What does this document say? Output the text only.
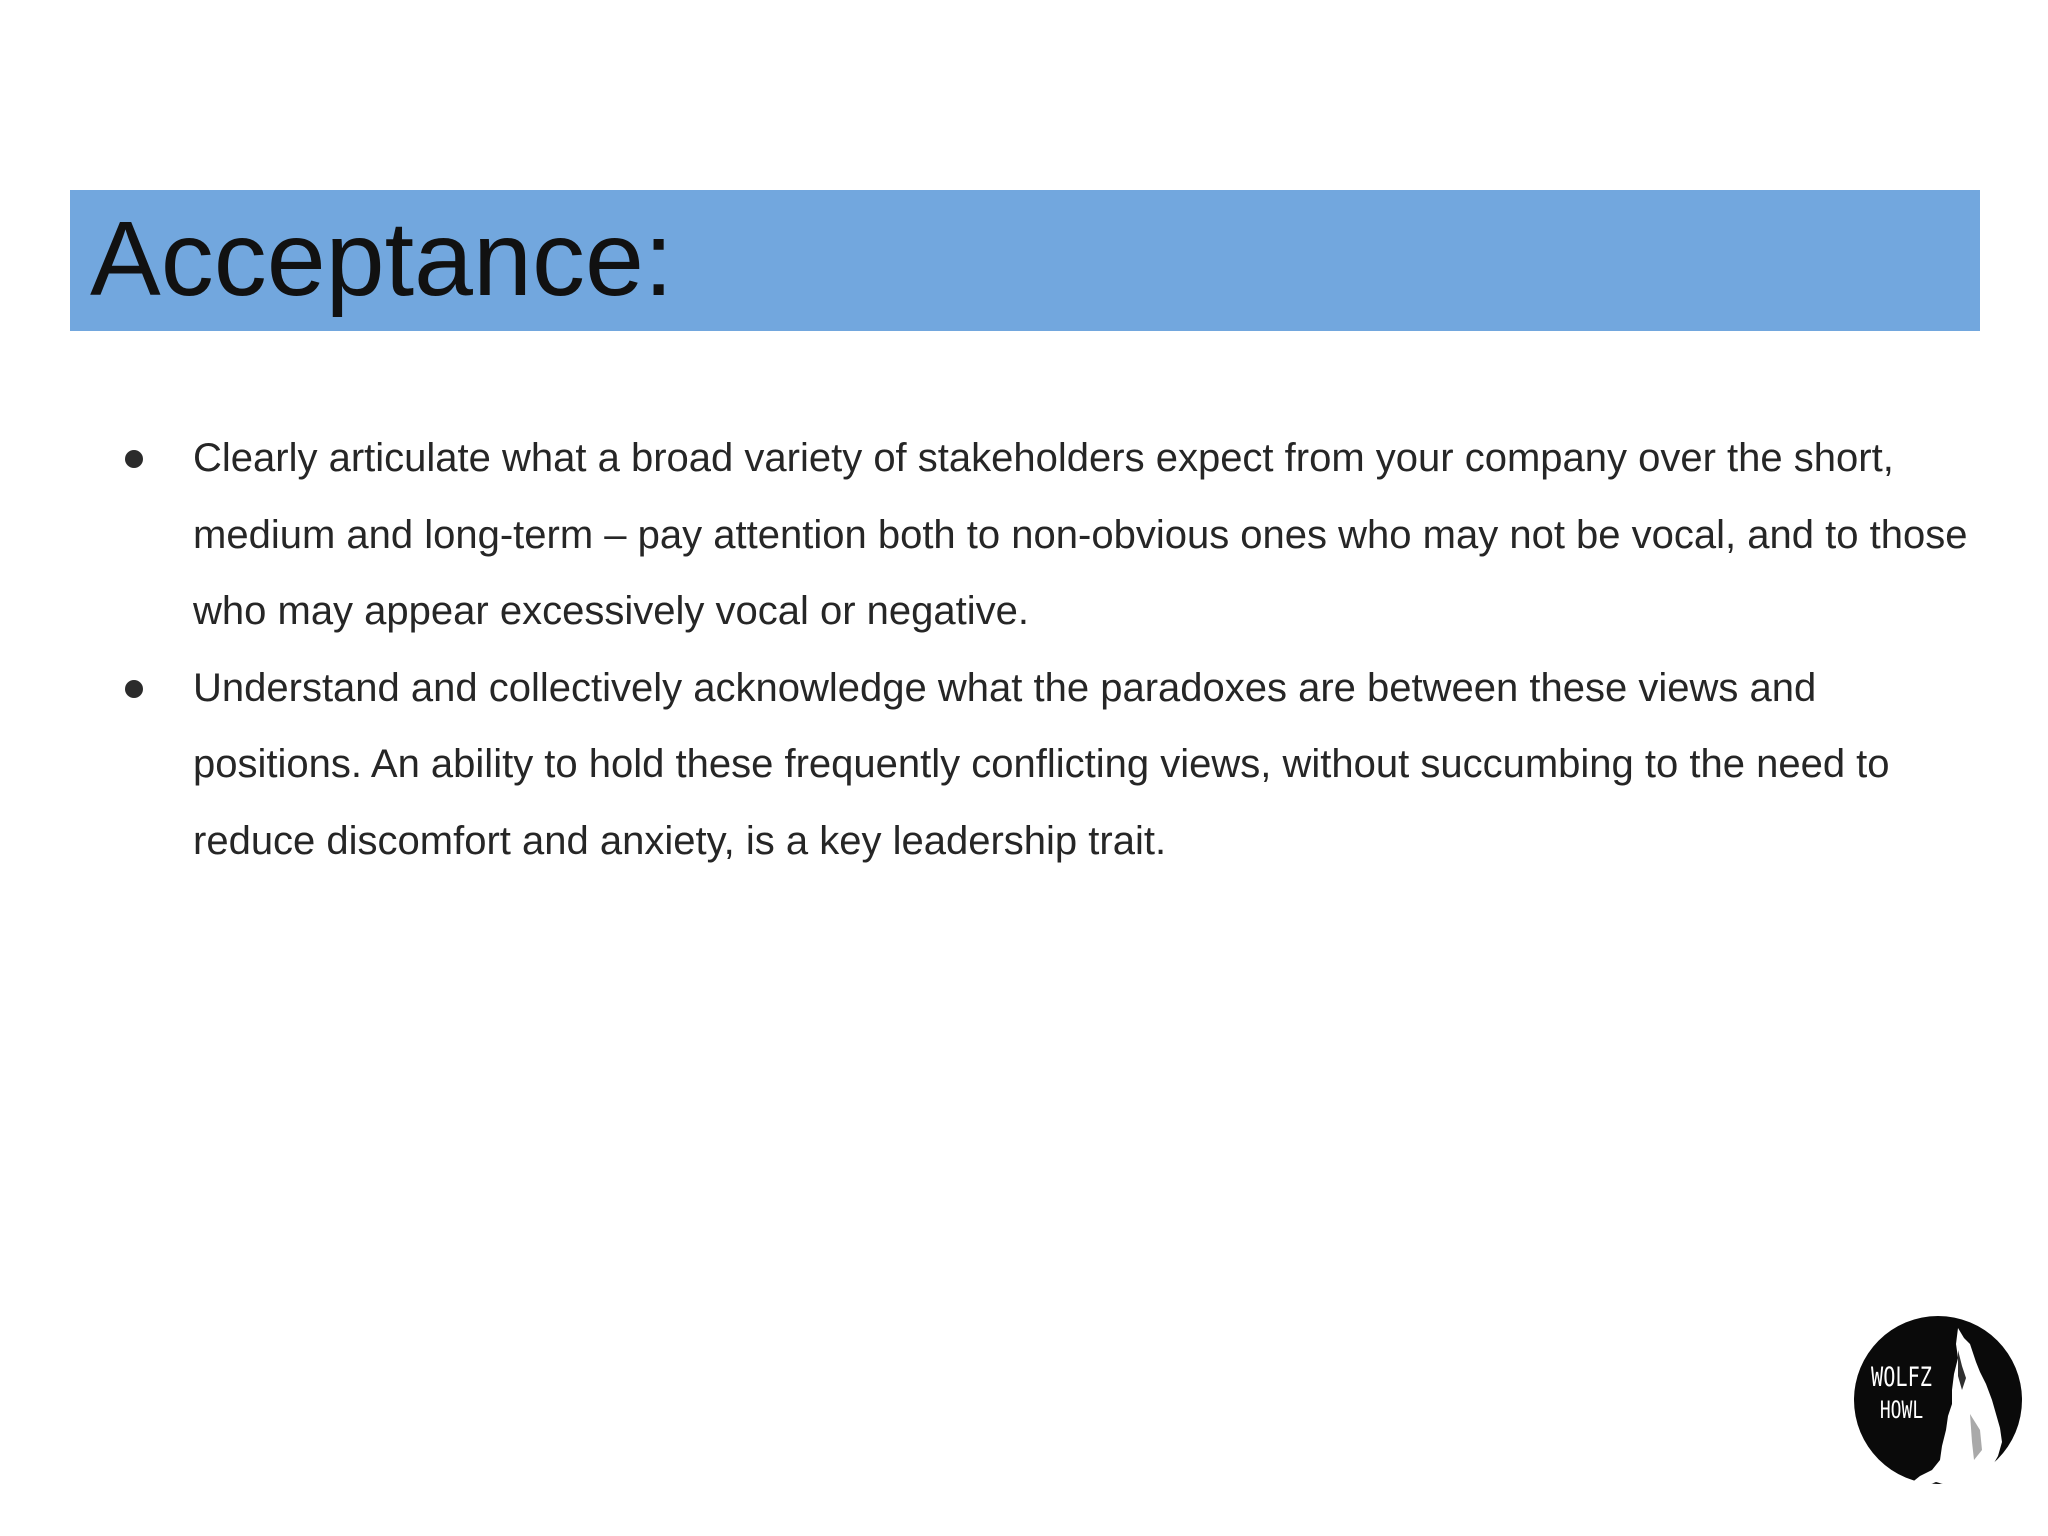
Acceptance:
Clearly articulate what a broad variety of stakeholders expect from your company over the short, medium and long-term – pay attention both to non-obvious ones who may not be vocal, and to those who may appear excessively vocal or negative.
Understand and collectively acknowledge what the paradoxes are between these views and positions. An ability to hold these frequently conflicting views, without succumbing to the need to reduce discomfort and anxiety, is a key leadership trait.
WOLFZ
HOWL
